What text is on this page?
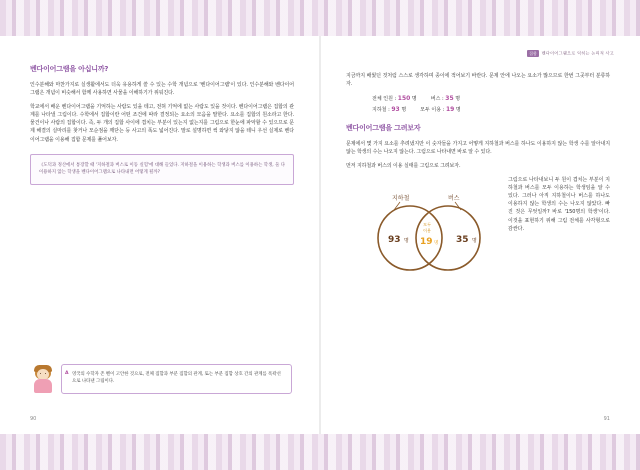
벤다이어그램을 아십니까?

인수분해와 마찬가지로 실생활에서도 더욱 유용하게 쓸 수 있는 수학 개념으로 '벤다이어그램'이 있다. 인수분해와 벤다이어그램은 개념이 비슷해서 함께 사용하면 사물을 이해하기가 위워진다.

학교에서 배운 벤다이어그램을 기억하는 사람도 있을 테고, 전혀 기억에 없는 사람도 있을 것이다. 벤다이어그램은 집합의 관계를 나타낼 그림이다. 수학에서 집합이란 어떤 조건에 따라 결정되는 요소의 모음을 말한다. 요소를 집합의 원소라고 한다. 물건이나 사람의 집합이다. 즉, 두 개의 집합 사이에 겹치는 부분이 있는지 없는지를 그림으로 한눈에 파악할 수 있으므로 문제 해결의 실마리를 찾거나 모순점을 깨닫는 등 사고의 폭도 넓어진다. 말로 설명하면 썩 와닿지 않을 테니 우선 실제로 벤다이어그램을 이용해 집합 문제를 풀어보자.

《도덕과 정산에서 통장할 때 '지하철과 버스로 이동 실험'에 대해 들었다. 지하철을 이용하는 학생과 버스를 이용하는 학생, 둘 다 이용하지 않는 학생을 벤다이어그램으로 나타내면 어떻게 될까?
A 영국의 수학자 존 벤이 고안한 것으로, 전체 집합과 부분 집합의 관계, 또는 부분 집합 상호 간의 관계를 폭곽선으로 나타낸 그림이다.
90
집합 벤다이어그램으로 익히는 논리적 사고

지금까지 배웠던 것처럼 스스로 생각하며 종이에 적어보기 바란다. 문제 안에 나오는 요소가 많으므로 한번 그곳부터 분류하자.

전체 인원 : 150 명	버스 : 35 명
지하철 : 93 명	모두 이용 : 19 명
벤다이어그램을 그려보자

문제에서 몇 가지 요소를 추려냈지만 이 숫자들을 가지고 어떻게 지하철과 버스를 하나도 이용하지 않는 학생 수를 알아내지 않는 학생의 수는 나오지 않는다. 그럼으로 나타내면 바로 알 수 있다.

먼저 지하철과 버스의 이용 실태를 그림으로 그려보자.

지하철	버스
93 명	35 명
모두
이용
19 명
그림으로 나타내보니 두 원이 겹치는 부분이 지하철과 버스를 모두 이용하는 학생임을 알 수 있다. 그러나 아직 지하철이나 버스를 하나도 이용하지 않는 학생의 수는 나오지 않았다. 빠진 것은 무엇일까? 바로 '150명의 학생'이다. 이것을 표현하기 위해 그림 전체를 사각형으로 감싼다.
91
